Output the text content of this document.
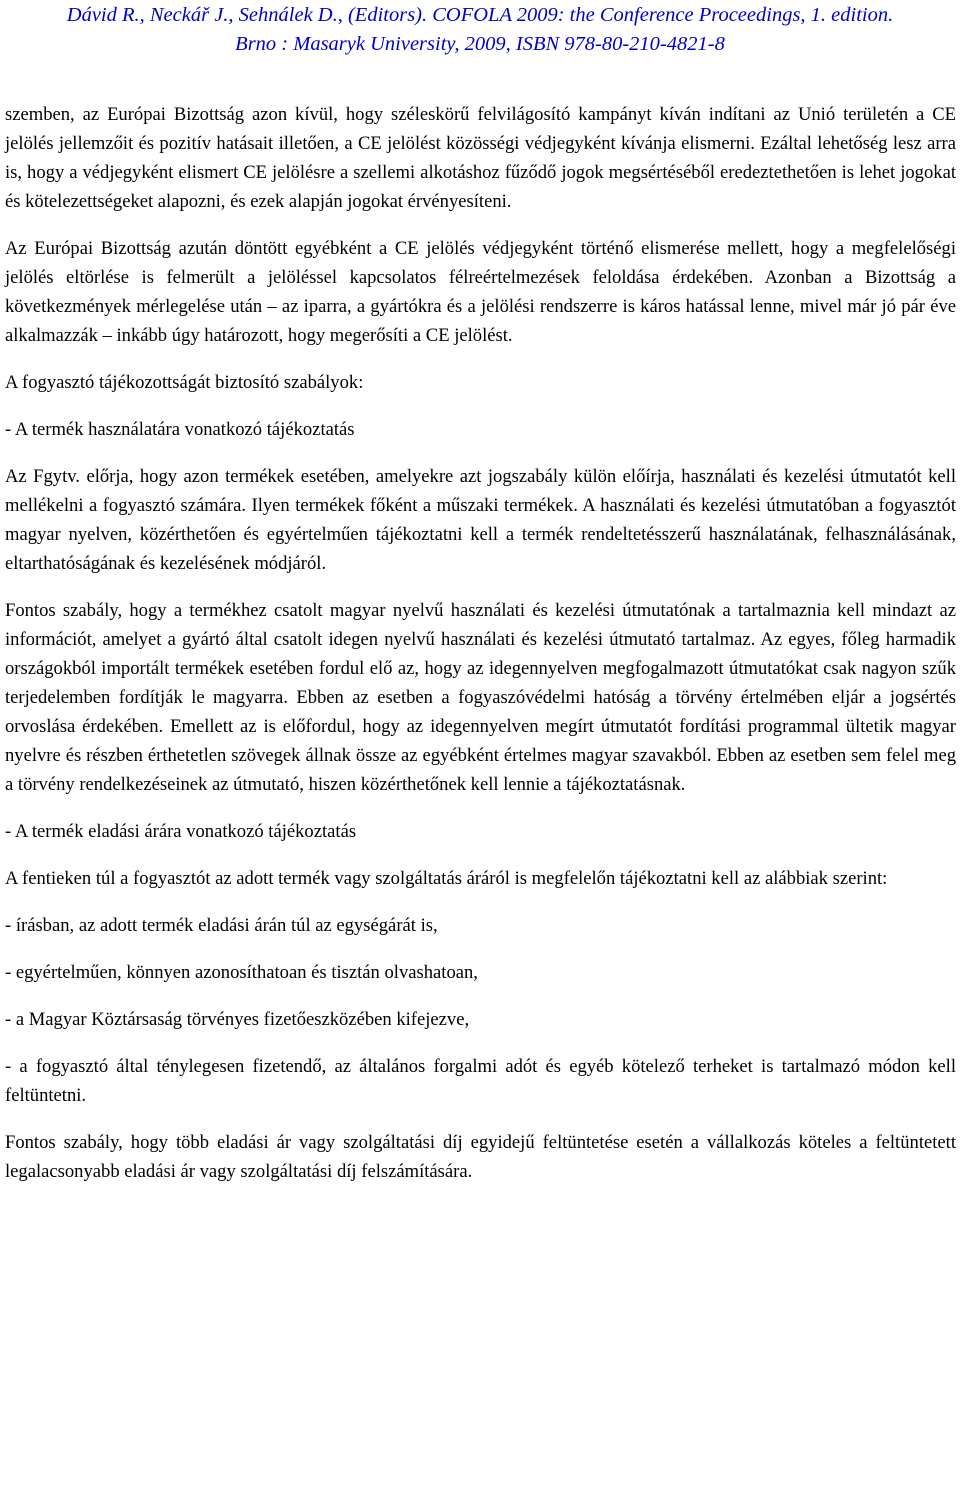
Dávid R., Neckář J., Sehnálek D., (Editors). COFOLA 2009: the Conference Proceedings, 1. edition.
Brno : Masaryk University, 2009, ISBN 978-80-210-4821-8

szemben, az Európai Bizottság azon kívül, hogy széleskörű felvilágosító kampányt kíván indítani az Unió területén a CE jelölés jellemzőit és pozitív hatásait illetően, a CE jelölést közösségi védjegyként kívánja elismerni. Ezáltal lehetőség lesz arra is, hogy a védjegyként elismert CE jelölésre a szellemi alkotáshoz fűződő jogok megsértéséből eredeztethetően is lehet jogokat és kötelezettségeket alapozni, és ezek alapján jogokat érvényesíteni.

Az Európai Bizottság azután döntött egyébként a CE jelölés védjegyként történő elismerése mellett, hogy a megfelelőségi jelölés eltörlése is felmerült a jelöléssel kapcsolatos félreértelmezések feloldása érdekében. Azonban a Bizottság a következmények mérlegelése után – az iparra, a gyártókra és a jelölési rendszerre is káros hatással lenne, mivel már jó pár éve alkalmazzák – inkább úgy határozott, hogy megerősíti a CE jelölést.

A fogyasztó tájékozottságát biztosító szabályok:

- A termék használatára vonatkozó tájékoztatás

Az Fgytv. előrja, hogy azon termékek esetében, amelyekre azt jogszabály külön előírja, használati és kezelési útmutatót kell mellékelni a fogyasztó számára. Ilyen termékek főként a műszaki termékek. A használati és kezelési útmutatóban a fogyasztót magyar nyelven, közérthetően és egyértelműen tájékoztatni kell a termék rendeltetésszerű használatának, felhasználásának, eltarthatóságának és kezelésének módjáról.

Fontos szabály, hogy a termékhez csatolt magyar nyelvű használati és kezelési útmutatónak a tartalmaznia kell mindazt az információt, amelyet a gyártó által csatolt idegen nyelvű használati és kezelési útmutató tartalmaz. Az egyes, főleg harmadik országokból importált termékek esetében fordul elő az, hogy az idegennyelven megfogalmazott útmutatókat csak nagyon szűk terjedelemben fordítják le magyarra. Ebben az esetben a fogyaszóvédelmi hatóság a törvény értelmében eljár a jogsértés orvoslása érdekében. Emellett az is előfordul, hogy az idegennyelven megírt útmutatót fordítási programmal ültetik magyar nyelvre és részben érthetetlen szövegek állnak össze az egyébként értelmes magyar szavakból. Ebben az esetben sem felel meg a törvény rendelkezéseinek az útmutató, hiszen közérthetőnek kell lennie a tájékoztatásnak.

- A termék eladási árára vonatkozó tájékoztatás

A fentieken túl a fogyasztót az adott termék vagy szolgáltatás áráról is megfelelőn tájékoztatni kell az alábbiak szerint:

- írásban, az adott termék eladási árán túl az egységárát is,

- egyértelműen, könnyen azonosíthatoan és tisztán olvashatoan,

- a Magyar Köztársaság törvényes fizetőeszközében kifejezve,

- a fogyasztó által ténylegesen fizetendő, az általános forgalmi adót és egyéb kötelező terheket is tartalmazó módon kell feltüntetni.

Fontos szabály, hogy több eladási ár vagy szolgáltatási díj egyidejű feltüntetése esetén a vállalkozás köteles a feltüntetett legalacsonyabb eladási ár vagy szolgáltatási díj felszámítására.
